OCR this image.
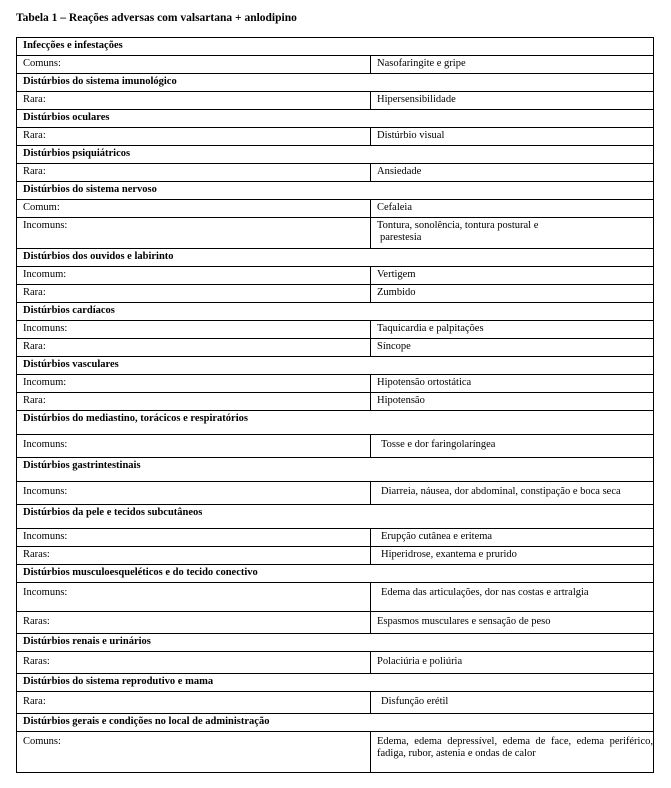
Tabela 1 – Reações adversas com valsartana + anlodipino
Infecções e infestações	
Comuns:	Nasofaringite e gripe
Distúrbios do sistema imunológico	
Rara:	Hipersensibilidade
Distúrbios oculares	
Rara:	Distúrbio visual
Distúrbios psiquiátricos	
Rara:	Ansiedade
Distúrbios do sistema nervoso	
Comum:	Cefaleia
Incomuns:	Tontura, sonolência, tontura postural e
parestesia

Distúrbios dos ouvidos e labirinto	
Incomum:	Vertigem
Rara:	Zumbido
Distúrbios cardíacos	
Incomuns:	Taquicardia e palpitações
Rara:	Síncope
Distúrbios vasculares	
Incomum:	Hipotensão ortostática
Rara:	Hipotensão
Distúrbios do mediastino, torácicos e respiratórios	
Incomuns:	Tosse e dor faringolaríngea
Distúrbios gastrintestinais	
Incomuns:	Diarreia, náusea, dor abdominal, constipação e boca seca
Distúrbios da pele e tecidos subcutâneos	
Incomuns:	Erupção cutânea e eritema
Raras:	Hiperidrose, exantema e prurido
Distúrbios musculoesqueléticos e do tecido conectivo	
Incomuns:	Edema das articulações, dor nas costas e artralgia
Raras:	Espasmos musculares e sensação de peso
Distúrbios renais e urinários	
Raras:	Polaciúria e poliúria
Distúrbios do sistema reprodutivo e mama	
Rara:	Disfunção erétil
Distúrbios gerais e condições no local de administração	
Comuns:	Edema, edema depressível, edema de face, edema periférico, fadiga, rubor, astenia e ondas de calor
